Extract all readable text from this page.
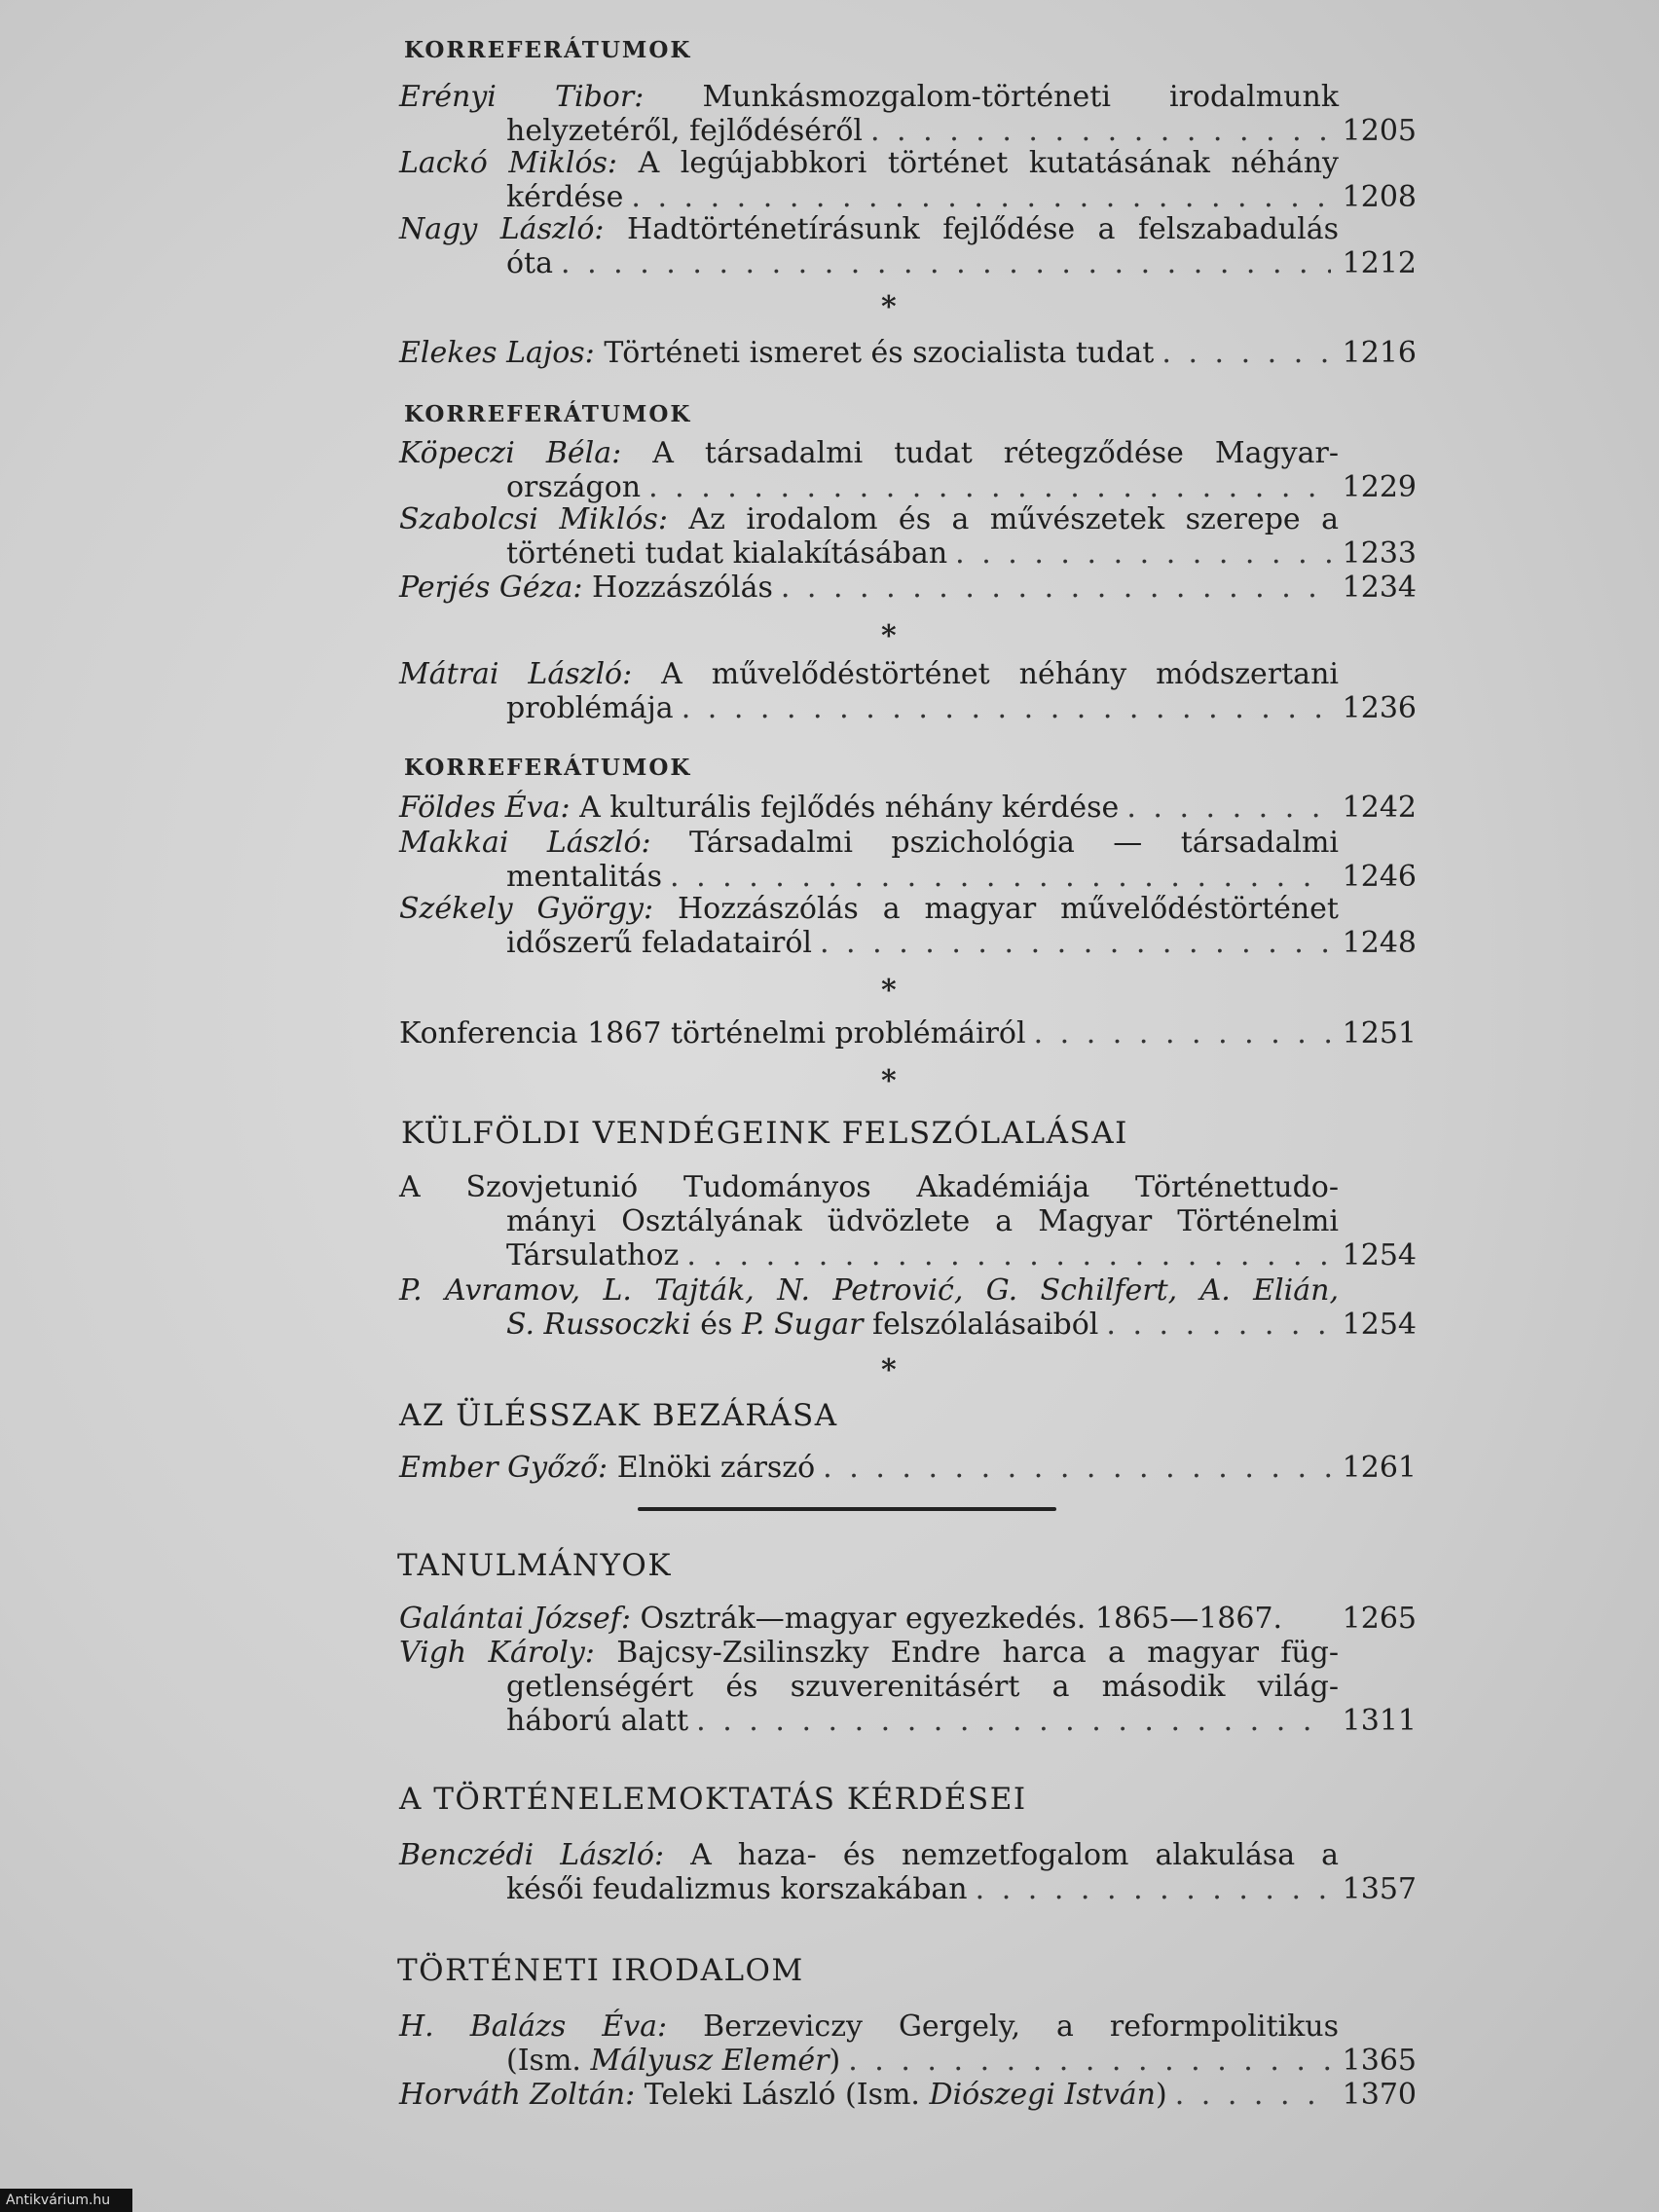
KORREFERÁTUMOK
Erényi Tibor: Munkásmozgalom-történeti irodalmunk
helyzetéről, fejlődéséről . . .	1205
Lackó Miklós: A legújabbkori történet kutatásának néhány
kérdése . . .	1208
Nagy László: Hadtörténetírásunk fejlődése a felszabadulás
óta . . .	1212
*
Elekes Lajos:
Történeti ismeret és szocialista tudat . . .	1216
KORREFERÁTUMOK
Köpeczi Béla: A társadalmi tudat rétegződése Magyar-
országon . . .	1229
Szabolcsi Miklós: Az irodalom és a művészetek szerepe a
történeti tudat kialakításában . . .	1233
Perjés Géza:
Hozzászólás . . .	1234
*
Mátrai László: A művelődéstörténet néhány módszertani
problémája . . .	1236
KORREFERÁTUMOK
Földes Éva:
A kulturális fejlődés néhány kérdése . . .	1242
Makkai László: Társadalmi pszichológia — társadalmi
mentalitás . . .	1246
Székely György: Hozzászólás a magyar művelődéstörténet
időszerű feladatairól . . .	1248
*
Konferencia 1867 történelmi problémáiról . . .	1251
*
KÜLFÖLDI VENDÉGEINK FELSZÓLALÁSAI
A Szovjetunió Tudományos Akadémiája Történettudo-
mányi Osztályának üdvözlete a Magyar Történelmi
Társulathoz . . .	1254
P. Avramov, L. Tajták, N. Petrović, G. Schilfert, A. Elián,
S. Russoczki
és
P. Sugar
felszólalásaiból . . .	1254
*
AZ ÜLÉSSZAK BEZÁRÁSA
Ember Győző:
Elnöki zárszó . . .	1261
TANULMÁNYOK
Galántai József:
Osztrák—magyar egyezkedés. 1865—1867. 1265
Vigh Károly: Bajcsy-Zsilinszky Endre harca a magyar füg-
getlenségért és szuverenitásért a második világ-
háború alatt . . .	1311
A TÖRTÉNELEMOKTATÁS KÉRDÉSEI
Benczédi László: A haza- és nemzetfogalom alakulása a
késői feudalizmus korszakában . . .	1357
TÖRTÉNETI IRODALOM
H. Balázs Éva: Berzeviczy Gergely, a reformpolitikus
(Ism.
Mályusz Elemér ) . . .	1365
Horváth Zoltán:
Teleki László (Ism.
Diószegi István ) . . .	1370
Antikvárium.hu
